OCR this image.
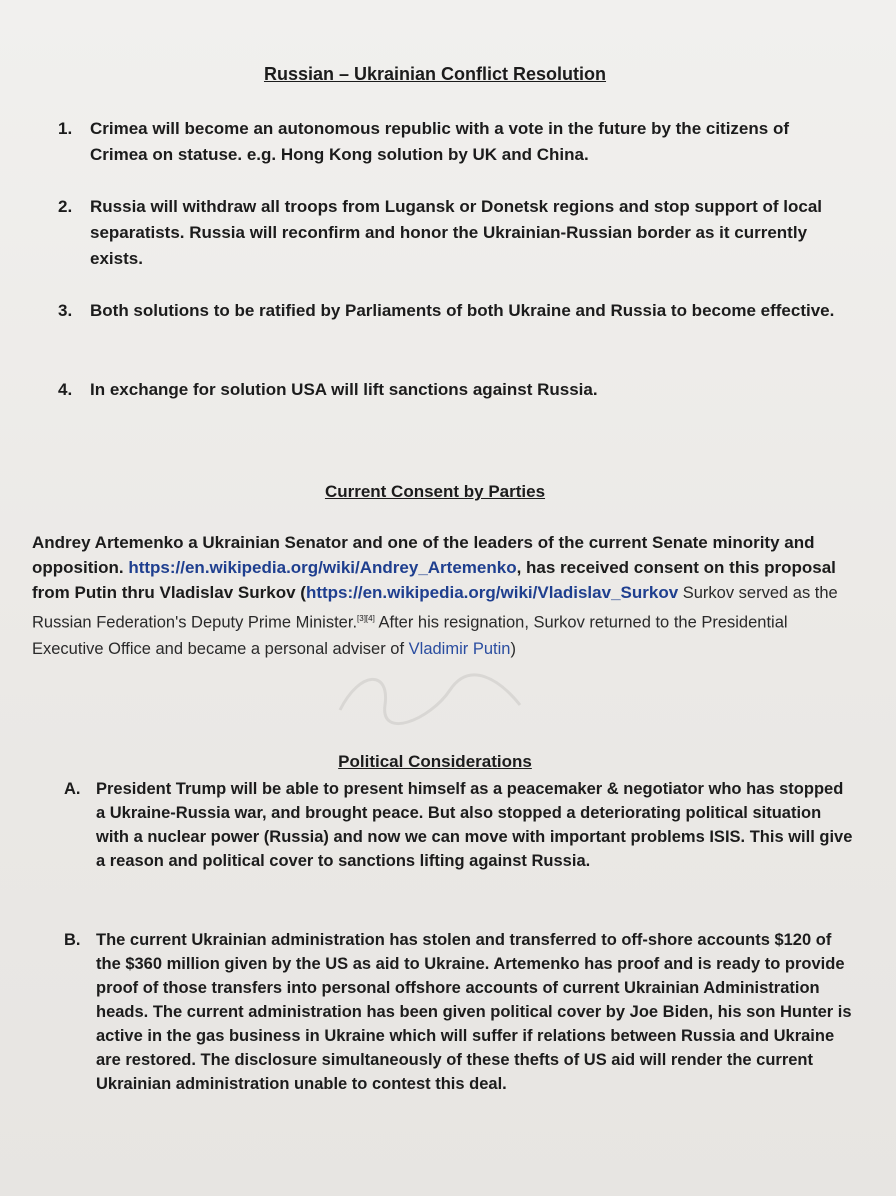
Russian – Ukrainian Conflict Resolution
1.	Crimea will become an autonomous republic with a vote in the future by the citizens of Crimea on statuse. e.g. Hong Kong solution by UK and China.
2.	Russia will withdraw all troops from Lugansk or Donetsk regions and stop support of local separatists. Russia will reconfirm and honor the Ukrainian-Russian border as it currently exists.
3.	Both solutions to be ratified by Parliaments of both Ukraine and Russia to become effective.
4.	In exchange for solution USA will lift sanctions against Russia.
Current Consent by Parties
Andrey Artemenko a Ukrainian Senator and one of the leaders of the current Senate minority and opposition. https://en.wikipedia.org/wiki/Andrey_Artemenko, has received consent on this proposal from Putin thru Vladislav Surkov (https://en.wikipedia.org/wiki/Vladislav_Surkov Surkov served as the Russian Federation's Deputy Prime Minister.[3][4] After his resignation, Surkov returned to the Presidential Executive Office and became a personal adviser of Vladimir Putin)
Political Considerations
A. President Trump will be able to present himself as a peacemaker & negotiator who has stopped a Ukraine-Russia war, and brought peace. But also stopped a deteriorating political situation with a nuclear power (Russia) and now we can move with important problems ISIS. This will give a reason and political cover to sanctions lifting against Russia.
B. The current Ukrainian administration has stolen and transferred to off-shore accounts $120 of the $360 million given by the US as aid to Ukraine. Artemenko has proof and is ready to provide proof of those transfers into personal offshore accounts of current Ukrainian Administration heads. The current administration has been given political cover by Joe Biden, his son Hunter is active in the gas business in Ukraine which will suffer if relations between Russia and Ukraine are restored. The disclosure simultaneously of these thefts of US aid will render the current Ukrainian administration unable to contest this deal.
